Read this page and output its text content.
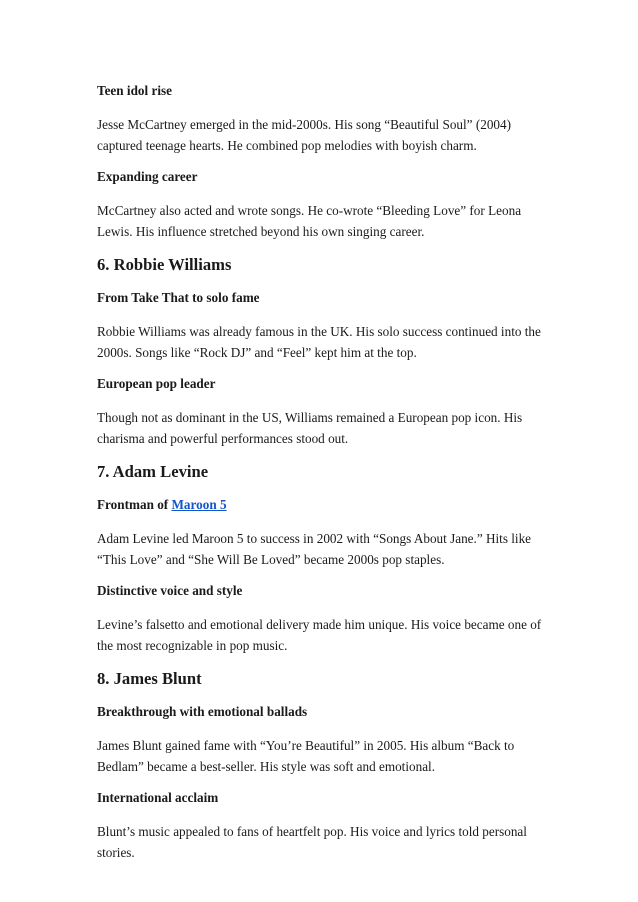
Teen idol rise

Jesse McCartney emerged in the mid-2000s. His song “Beautiful Soul” (2004) captured teenage hearts. He combined pop melodies with boyish charm.

Expanding career

McCartney also acted and wrote songs. He co-wrote “Bleeding Love” for Leona Lewis. His influence stretched beyond his own singing career.

6. Robbie Williams

From Take That to solo fame

Robbie Williams was already famous in the UK. His solo success continued into the 2000s. Songs like “Rock DJ” and “Feel” kept him at the top.

European pop leader

Though not as dominant in the US, Williams remained a European pop icon. His charisma and powerful performances stood out.

7. Adam Levine

Frontman of Maroon 5

Adam Levine led Maroon 5 to success in 2002 with “Songs About Jane.” Hits like “This Love” and “She Will Be Loved” became 2000s pop staples.

Distinctive voice and style

Levine’s falsetto and emotional delivery made him unique. His voice became one of the most recognizable in pop music.

8. James Blunt

Breakthrough with emotional ballads

James Blunt gained fame with “You’re Beautiful” in 2005. His album “Back to Bedlam” became a best-seller. His style was soft and emotional.

International acclaim

Blunt’s music appealed to fans of heartfelt pop. His voice and lyrics told personal stories.
